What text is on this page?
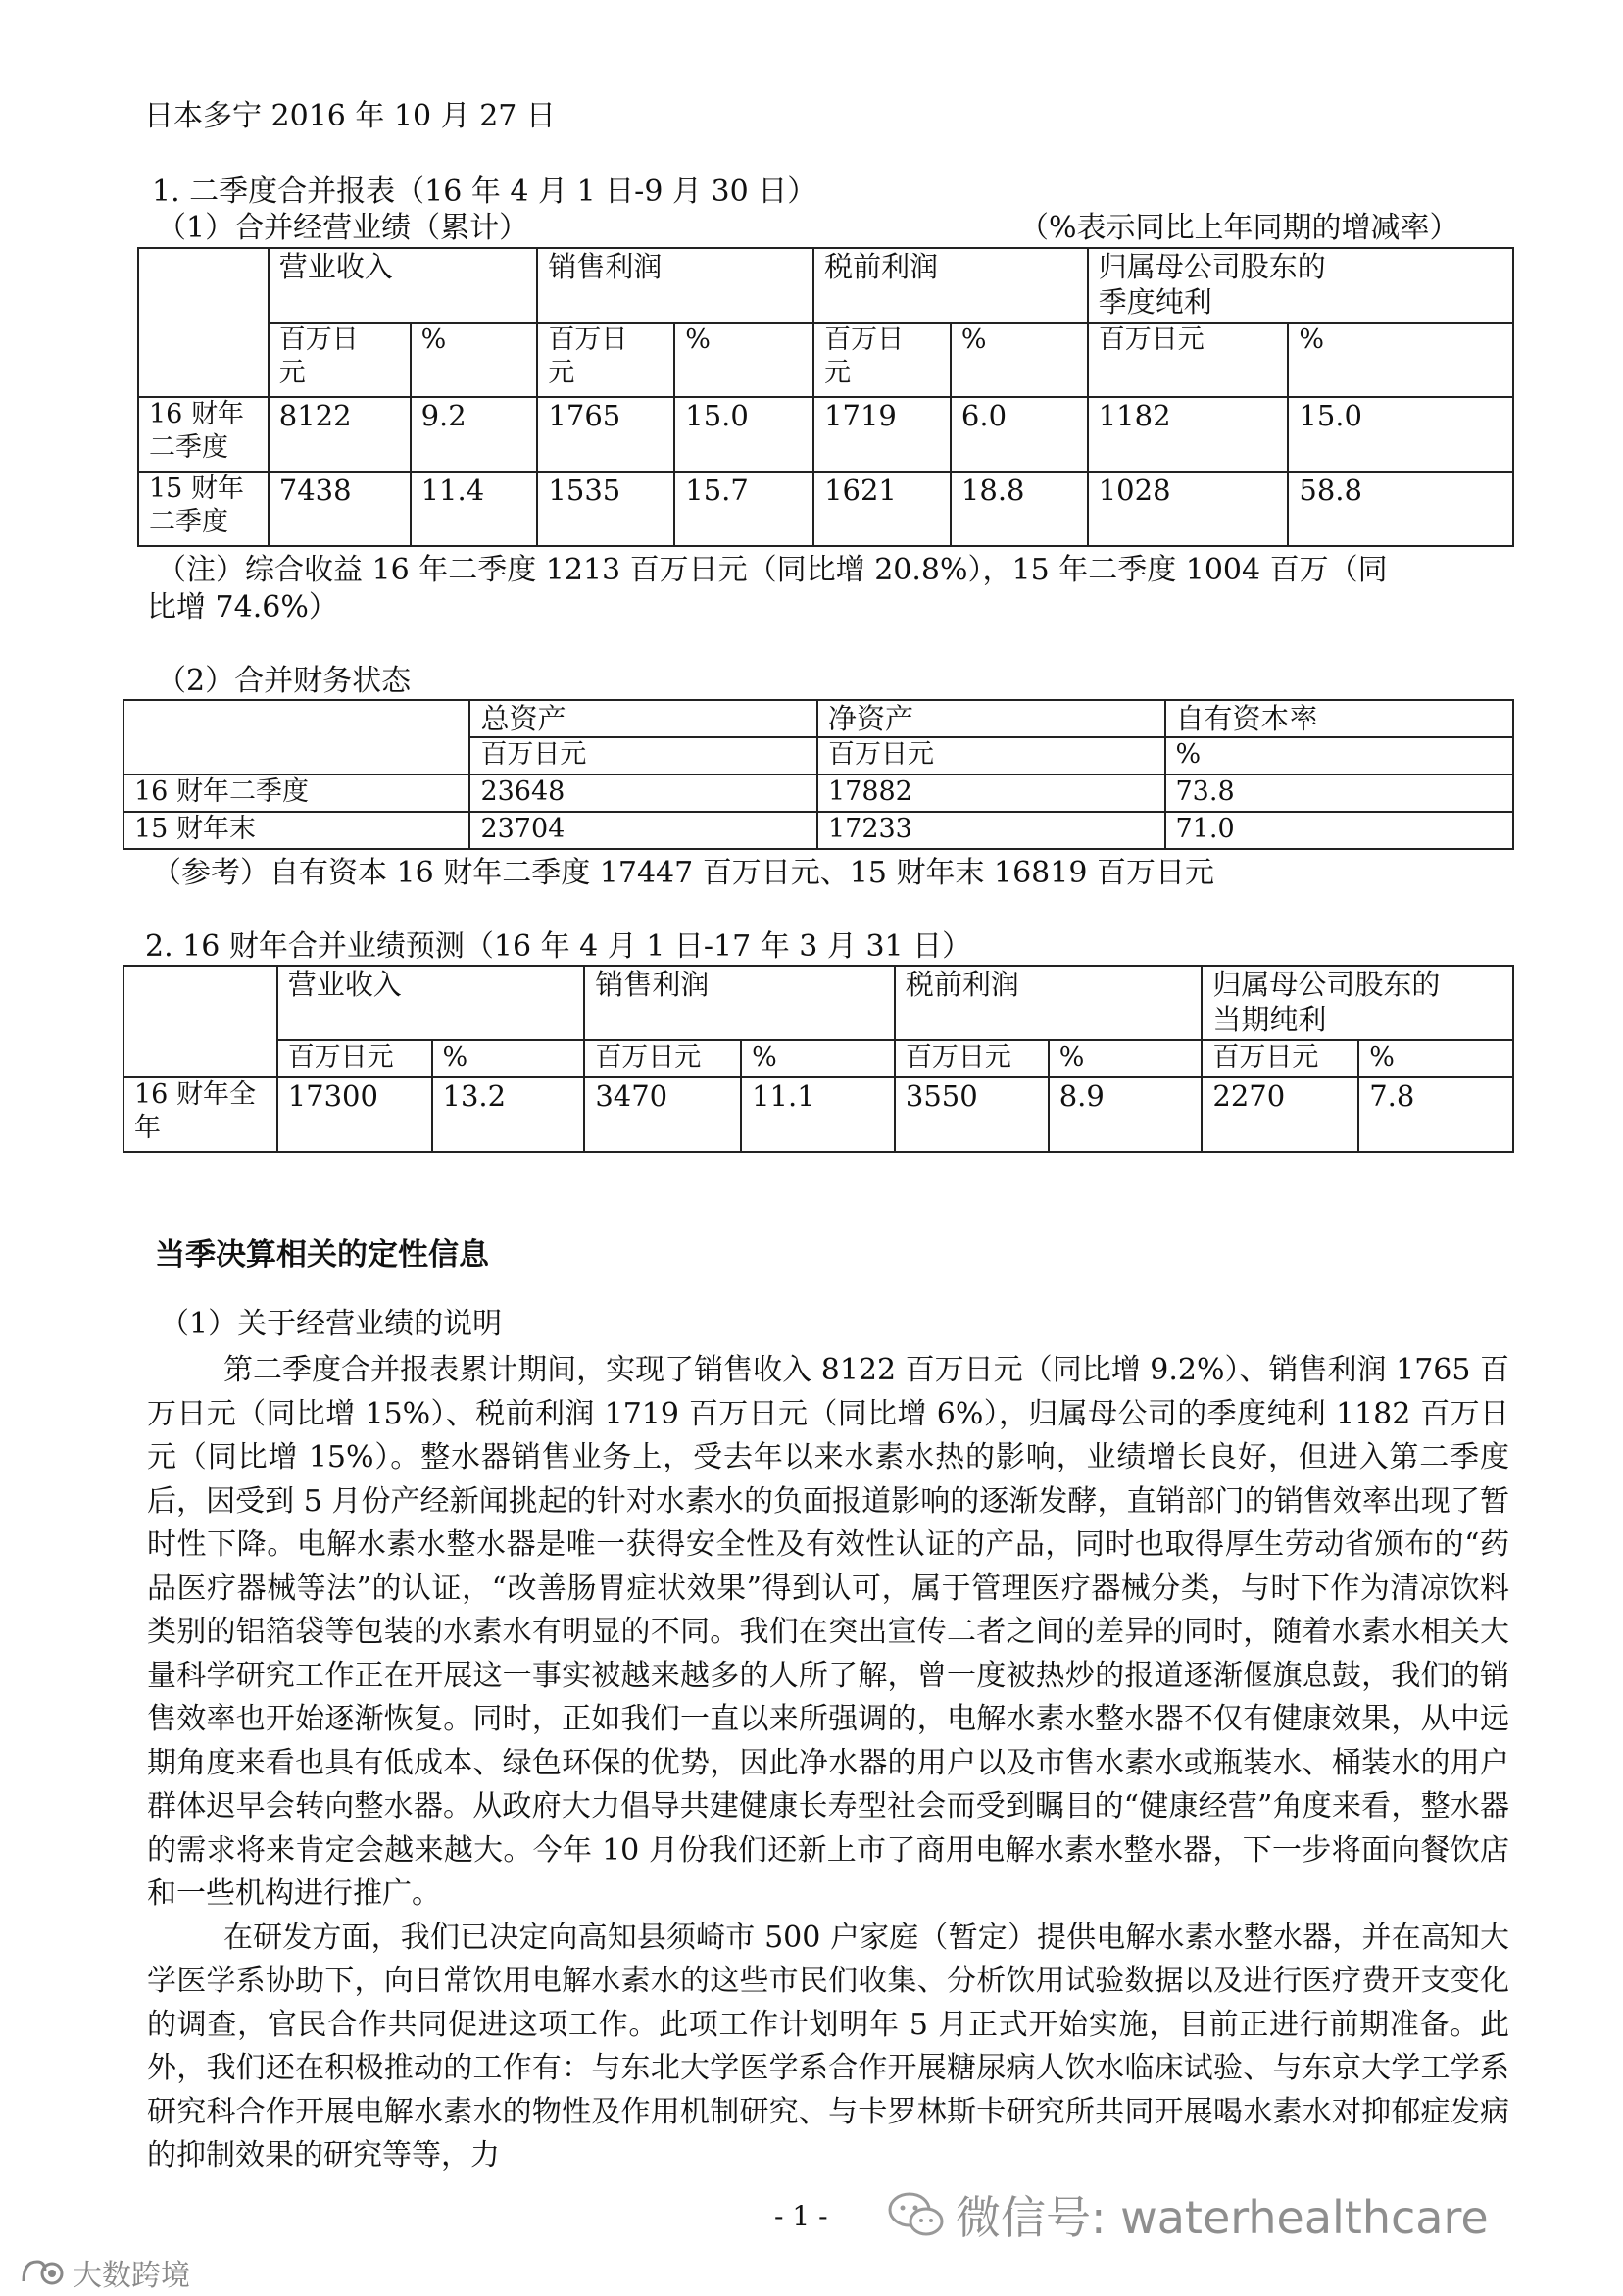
日本多宁 2016 年 10 月 27 日
1. 二季度合并报表（16 年 4 月 1 日-9 月 30 日）
（1）合并经营业绩（累计）	（%表示同比上年同期的增减率）
	营业收入		销售利润		税前利润		归属母公司股东的
季度纯利	
	百万日
元	%	百万日
元	%	百万日
元	%	百万日元	%
16 财年
二季度	8122	9.2	1765	15.0	1719	6.0	1182	15.0
15 财年
二季度	7438	11.4	1535	15.7	1621	18.8	1028	58.8
（注）综合收益 16 年二季度 1213 百万日元（同比增 20.8%），15 年二季度 1004 百万（同
比增 74.6%）
（2）合并财务状态
	总资产	净资产	自有资本率
	百万日元	百万日元	%
16 财年二季度	23648	17882	73.8
15 财年末	23704	17233	71.0
（参考）自有资本 16 财年二季度 17447 百万日元、15 财年末 16819 百万日元
2. 16 财年合并业绩预测（16 年 4 月 1 日-17 年 3 月 31 日）
	营业收入		销售利润		税前利润		归属母公司股东的
当期纯利	
	百万日元	%	百万日元	%	百万日元	%	百万日元	%
16 财年全
年	17300	13.2	3470	11.1	3550	8.9	2270	7.8
当季决算相关的定性信息
（1）关于经营业绩的说明

第二季度合并报表累计期间，实现了销售收入 8122 百万日元（同比增 9.2%）、销售利润 1765 百万日元（同比增 15%）、税前利润 1719 百万日元（同比增 6%），归属母公司的季度纯利 1182 百万日元（同比增 15%）。整水器销售业务上，受去年以来水素水热的影响，业绩增长良好，但进入第二季度后，因受到 5 月份产经新闻挑起的针对水素水的负面报道影响的逐渐发酵，直销部门的销售效率出现了暂时性下降。电解水素水整水器是唯一获得安全性及有效性认证的产品，同时也取得厚生劳动省颁布的“药品医疗器械等法”的认证，“改善肠胃症状效果”得到认可，属于管理医疗器械分类，与时下作为清凉饮料类别的铝箔袋等包装的水素水有明显的不同。我们在突出宣传二者之间的差异的同时，随着水素水相关大量科学研究工作正在开展这一事实被越来越多的人所了解，曾一度被热炒的报道逐渐偃旗息鼓，我们的销售效率也开始逐渐恢复。同时，正如我们一直以来所强调的，电解水素水整水器不仅有健康效果，从中远期角度来看也具有低成本、绿色环保的优势，因此净水器的用户以及市售水素水或瓶装水、桶装水的用户群体迟早会转向整水器。从政府大力倡导共建健康长寿型社会而受到瞩目的“健康经营”角度来看，整水器的需求将来肯定会越来越大。今年 10 月份我们还新上市了商用电解水素水整水器，下一步将面向餐饮店和一些机构进行推广。

在研发方面，我们已决定向高知县须崎市 500 户家庭（暂定）提供电解水素水整水器，并在高知大学医学系协助下，向日常饮用电解水素水的这些市民们收集、分析饮用试验数据以及进行医疗费开支变化的调查，官民合作共同促进这项工作。此项工作计划明年 5 月正式开始实施，目前正进行前期准备。此外，我们还在积极推动的工作有：与东北大学医学系合作开展糖尿病人饮水临床试验、与东京大学工学系研究科合作开展电解水素水的物性及作用机制研究、与卡罗林斯卡研究所共同开展喝水素水对抑郁症发病的抑制效果的研究等等，力

- 1 -	微信号: waterhealthcare
大数跨境
